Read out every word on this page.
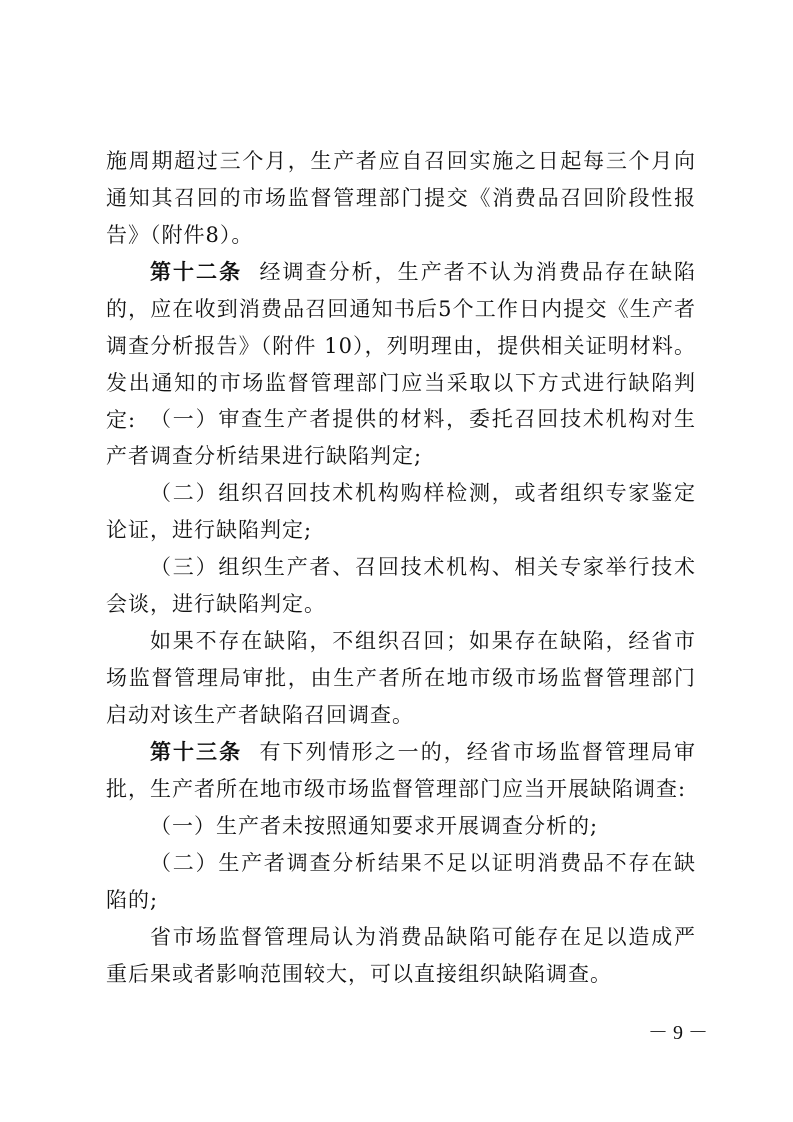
施周期超过三个月，生产者应自召回实施之日起每三个月向通知其召回的市场监督管理部门提交《消费品召回阶段性报告》（附件8）。

第十二条 经调查分析，生产者不认为消费品存在缺陷的，应在收到消费品召回通知书后5个工作日内提交《生产者调查分析报告》（附件 10），列明理由，提供相关证明材料。发出通知的市场监督管理部门应当采取以下方式进行缺陷判定: （一）审查生产者提供的材料，委托召回技术机构对生产者调查分析结果进行缺陷判定;

（二）组织召回技术机构购样检测，或者组织专家鉴定论证，进行缺陷判定;

（三）组织生产者、召回技术机构、相关专家举行技术会谈，进行缺陷判定。

如果不存在缺陷，不组织召回；如果存在缺陷，经省市场监督管理局审批，由生产者所在地市级市场监督管理部门启动对该生产者缺陷召回调查。

第十三条 有下列情形之一的，经省市场监督管理局审批，生产者所在地市级市场监督管理部门应当开展缺陷调查:

（一）生产者未按照通知要求开展调查分析的;

（二）生产者调查分析结果不足以证明消费品不存在缺陷的;

省市场监督管理局认为消费品缺陷可能存在足以造成严重后果或者影响范围较大，可以直接组织缺陷调查。

－ 9 －
